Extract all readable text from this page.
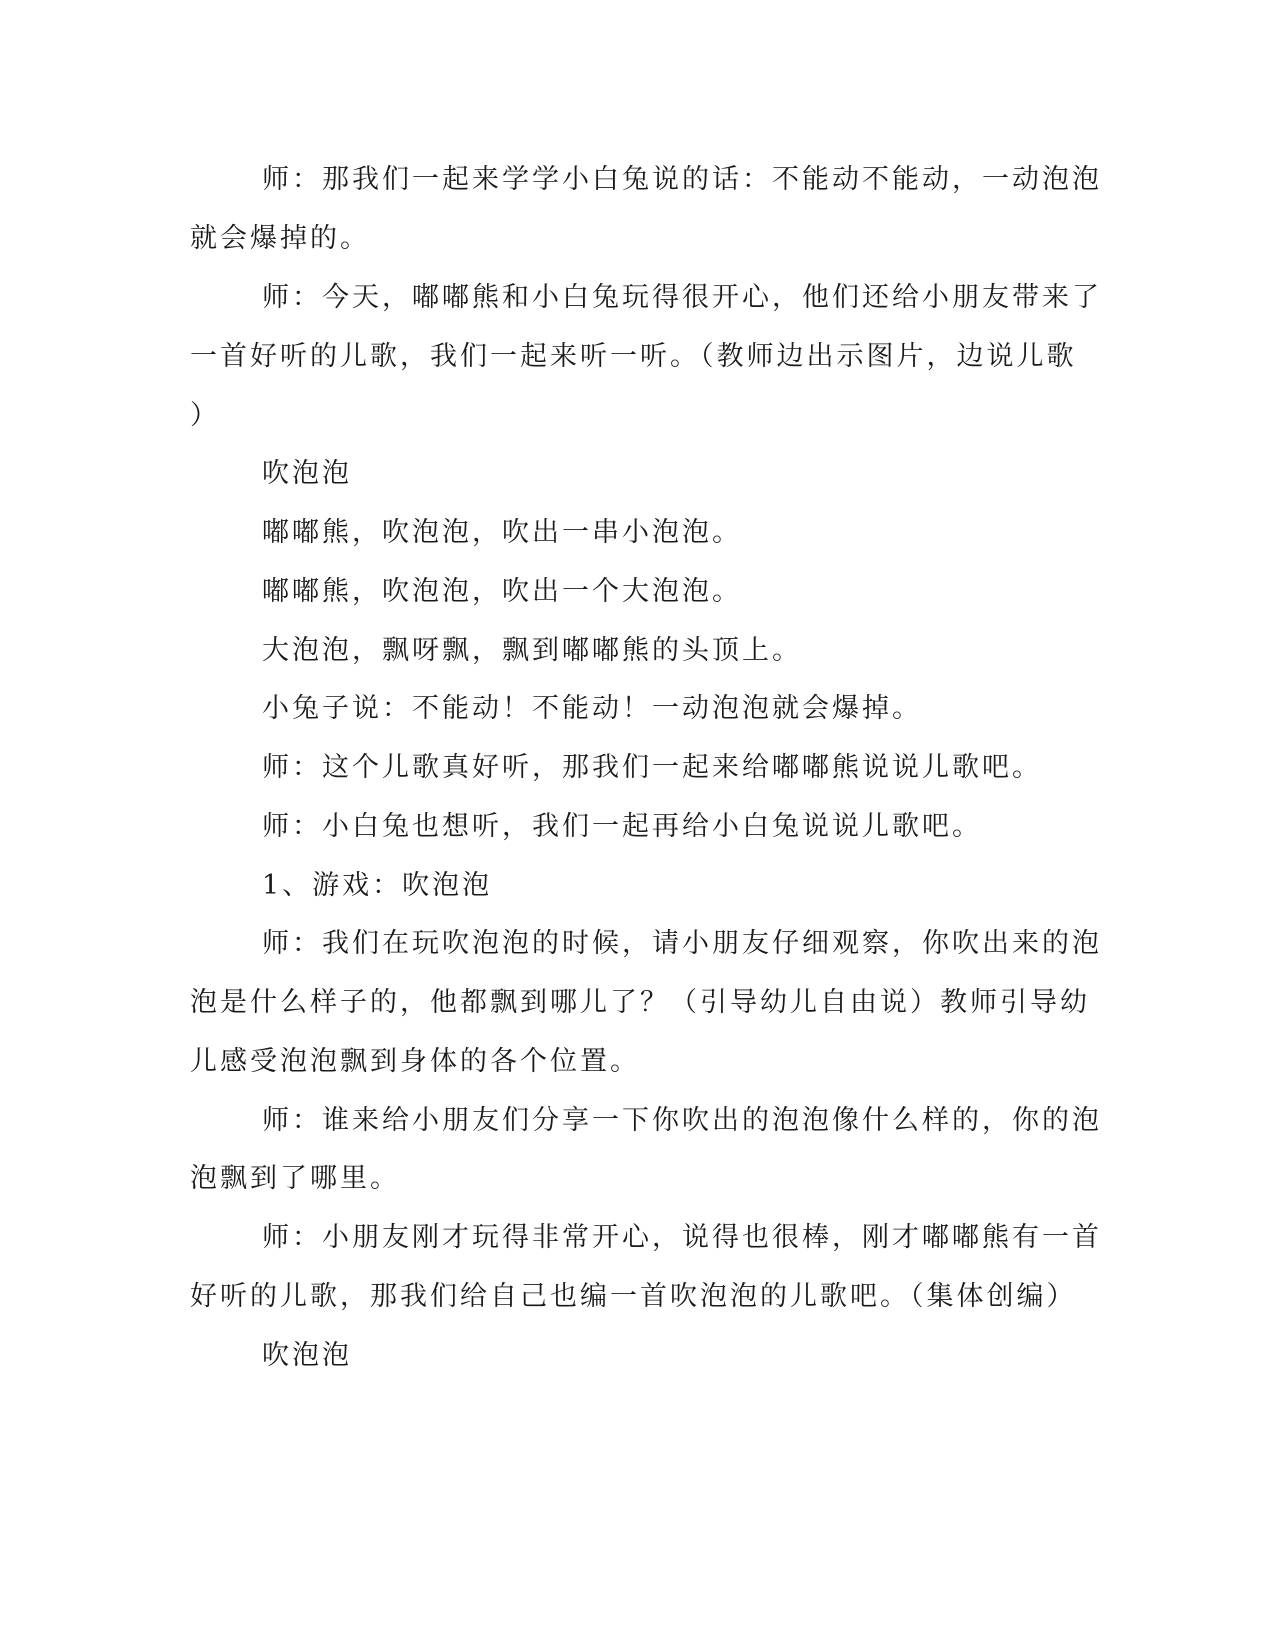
师：那我们一起来学学小白兔说的话：不能动不能动，一动泡泡

就会爆掉的。

师：今天，嘟嘟熊和小白兔玩得很开心，他们还给小朋友带来了

一首好听的儿歌，我们一起来听一听。（教师边出示图片，边说儿歌

）

吹泡泡

嘟嘟熊，吹泡泡，吹出一串小泡泡。

嘟嘟熊，吹泡泡，吹出一个大泡泡。

大泡泡，飘呀飘，飘到嘟嘟熊的头顶上。

小兔子说：不能动！不能动！一动泡泡就会爆掉。

师：这个儿歌真好听，那我们一起来给嘟嘟熊说说儿歌吧。

师：小白兔也想听，我们一起再给小白兔说说儿歌吧。

1、游戏：吹泡泡

师：我们在玩吹泡泡的时候，请小朋友仔细观察，你吹出来的泡

泡是什么样子的，他都飘到哪儿了？（引导幼儿自由说）教师引导幼

儿感受泡泡飘到身体的各个位置。

师：谁来给小朋友们分享一下你吹出的泡泡像什么样的，你的泡

泡飘到了哪里。

师：小朋友刚才玩得非常开心，说得也很棒，刚才嘟嘟熊有一首

好听的儿歌，那我们给自己也编一首吹泡泡的儿歌吧。（集体创编）

吹泡泡
